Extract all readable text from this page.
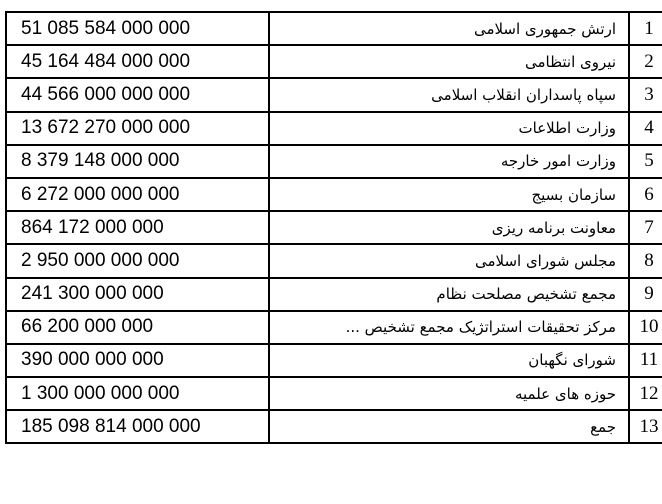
51 085 584 000 000	ارتش جمهوری اسلامی	1
45 164 484 000 000	نیروی انتظامی	2
44 566 000 000 000	سپاه پاسداران انقلاب اسلامی	3
13 672 270 000 000	وزارت اطلاعات	4
8 379 148 000 000	وزارت امور خارجه	5
6 272 000 000 000	سازمان بسیج	6
864 172 000 000	معاونت برنامه ریزی	7
2 950 000 000 000	مجلس شورای اسلامی	8
241 300 000 000	مجمع تشخیص مصلحت نظام	9
66 200 000 000	مرکز تحقیقات استراتژیک مجمع تشخیص ...	10
390 000 000 000	شورای نگهبان	11
1 300 000 000 000	حوزه های علمیه	12
185 098 814 000 000	جمع	13
